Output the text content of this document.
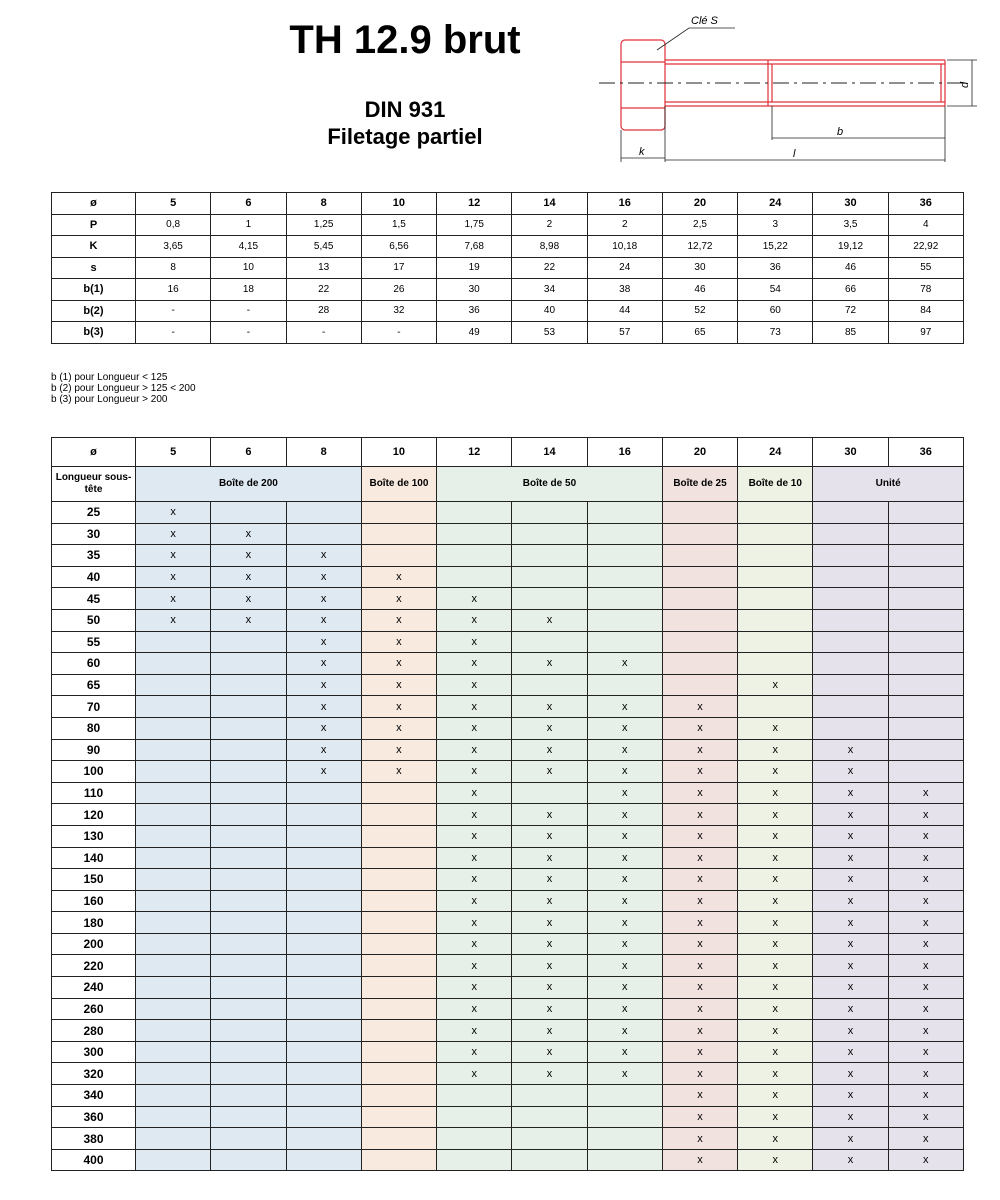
TH 12.9 brut
DIN 931
Filetage partiel
Clé S
d
b
k	l
ø	5	6	8	10	12	14	16	20	24	30	36
P	0,8	1	1,25	1,5	1,75	2	2	2,5	3	3,5	4
K	3,65	4,15	5,45	6,56	7,68	8,98	10,18	12,72	15,22	19,12	22,92
s	8	10	13	17	19	22	24	30	36	46	55
b(1)	16	18	22	26	30	34	38	46	54	66	78
b(2)	-	-	28	32	36	40	44	52	60	72	84
b(3)	-	-	-	-	49	53	57	65	73	85	97
b (1) pour Longueur < 125
b (2) pour Longueur > 125 < 200
b (3) pour Longueur > 200
ø	5	6	8	10	12	14	16	20	24	30	36
Longueur sous-tête	Boîte de 200			Boîte de 100	Boîte de 50			Boîte de 25	Boîte de 10	Unité	
25	x										
30	x	x									
35	x	x	x								
40	x	x	x	x							
45	x	x	x	x	x						
50	x	x	x	x	x	x					
55			x	x	x						
60			x	x	x	x	x				
65			x	x	x				x		
70			x	x	x	x	x	x			
80			x	x	x	x	x	x	x		
90			x	x	x	x	x	x	x	x	
100			x	x	x	x	x	x	x	x	
110					x		x	x	x	x	x
120					x	x	x	x	x	x	x
130					x	x	x	x	x	x	x
140					x	x	x	x	x	x	x
150					x	x	x	x	x	x	x
160					x	x	x	x	x	x	x
180					x	x	x	x	x	x	x
200					x	x	x	x	x	x	x
220					x	x	x	x	x	x	x
240					x	x	x	x	x	x	x
260					x	x	x	x	x	x	x
280					x	x	x	x	x	x	x
300					x	x	x	x	x	x	x
320					x	x	x	x	x	x	x
340								x	x	x	x
360								x	x	x	x
380								x	x	x	x
400								x	x	x	x
